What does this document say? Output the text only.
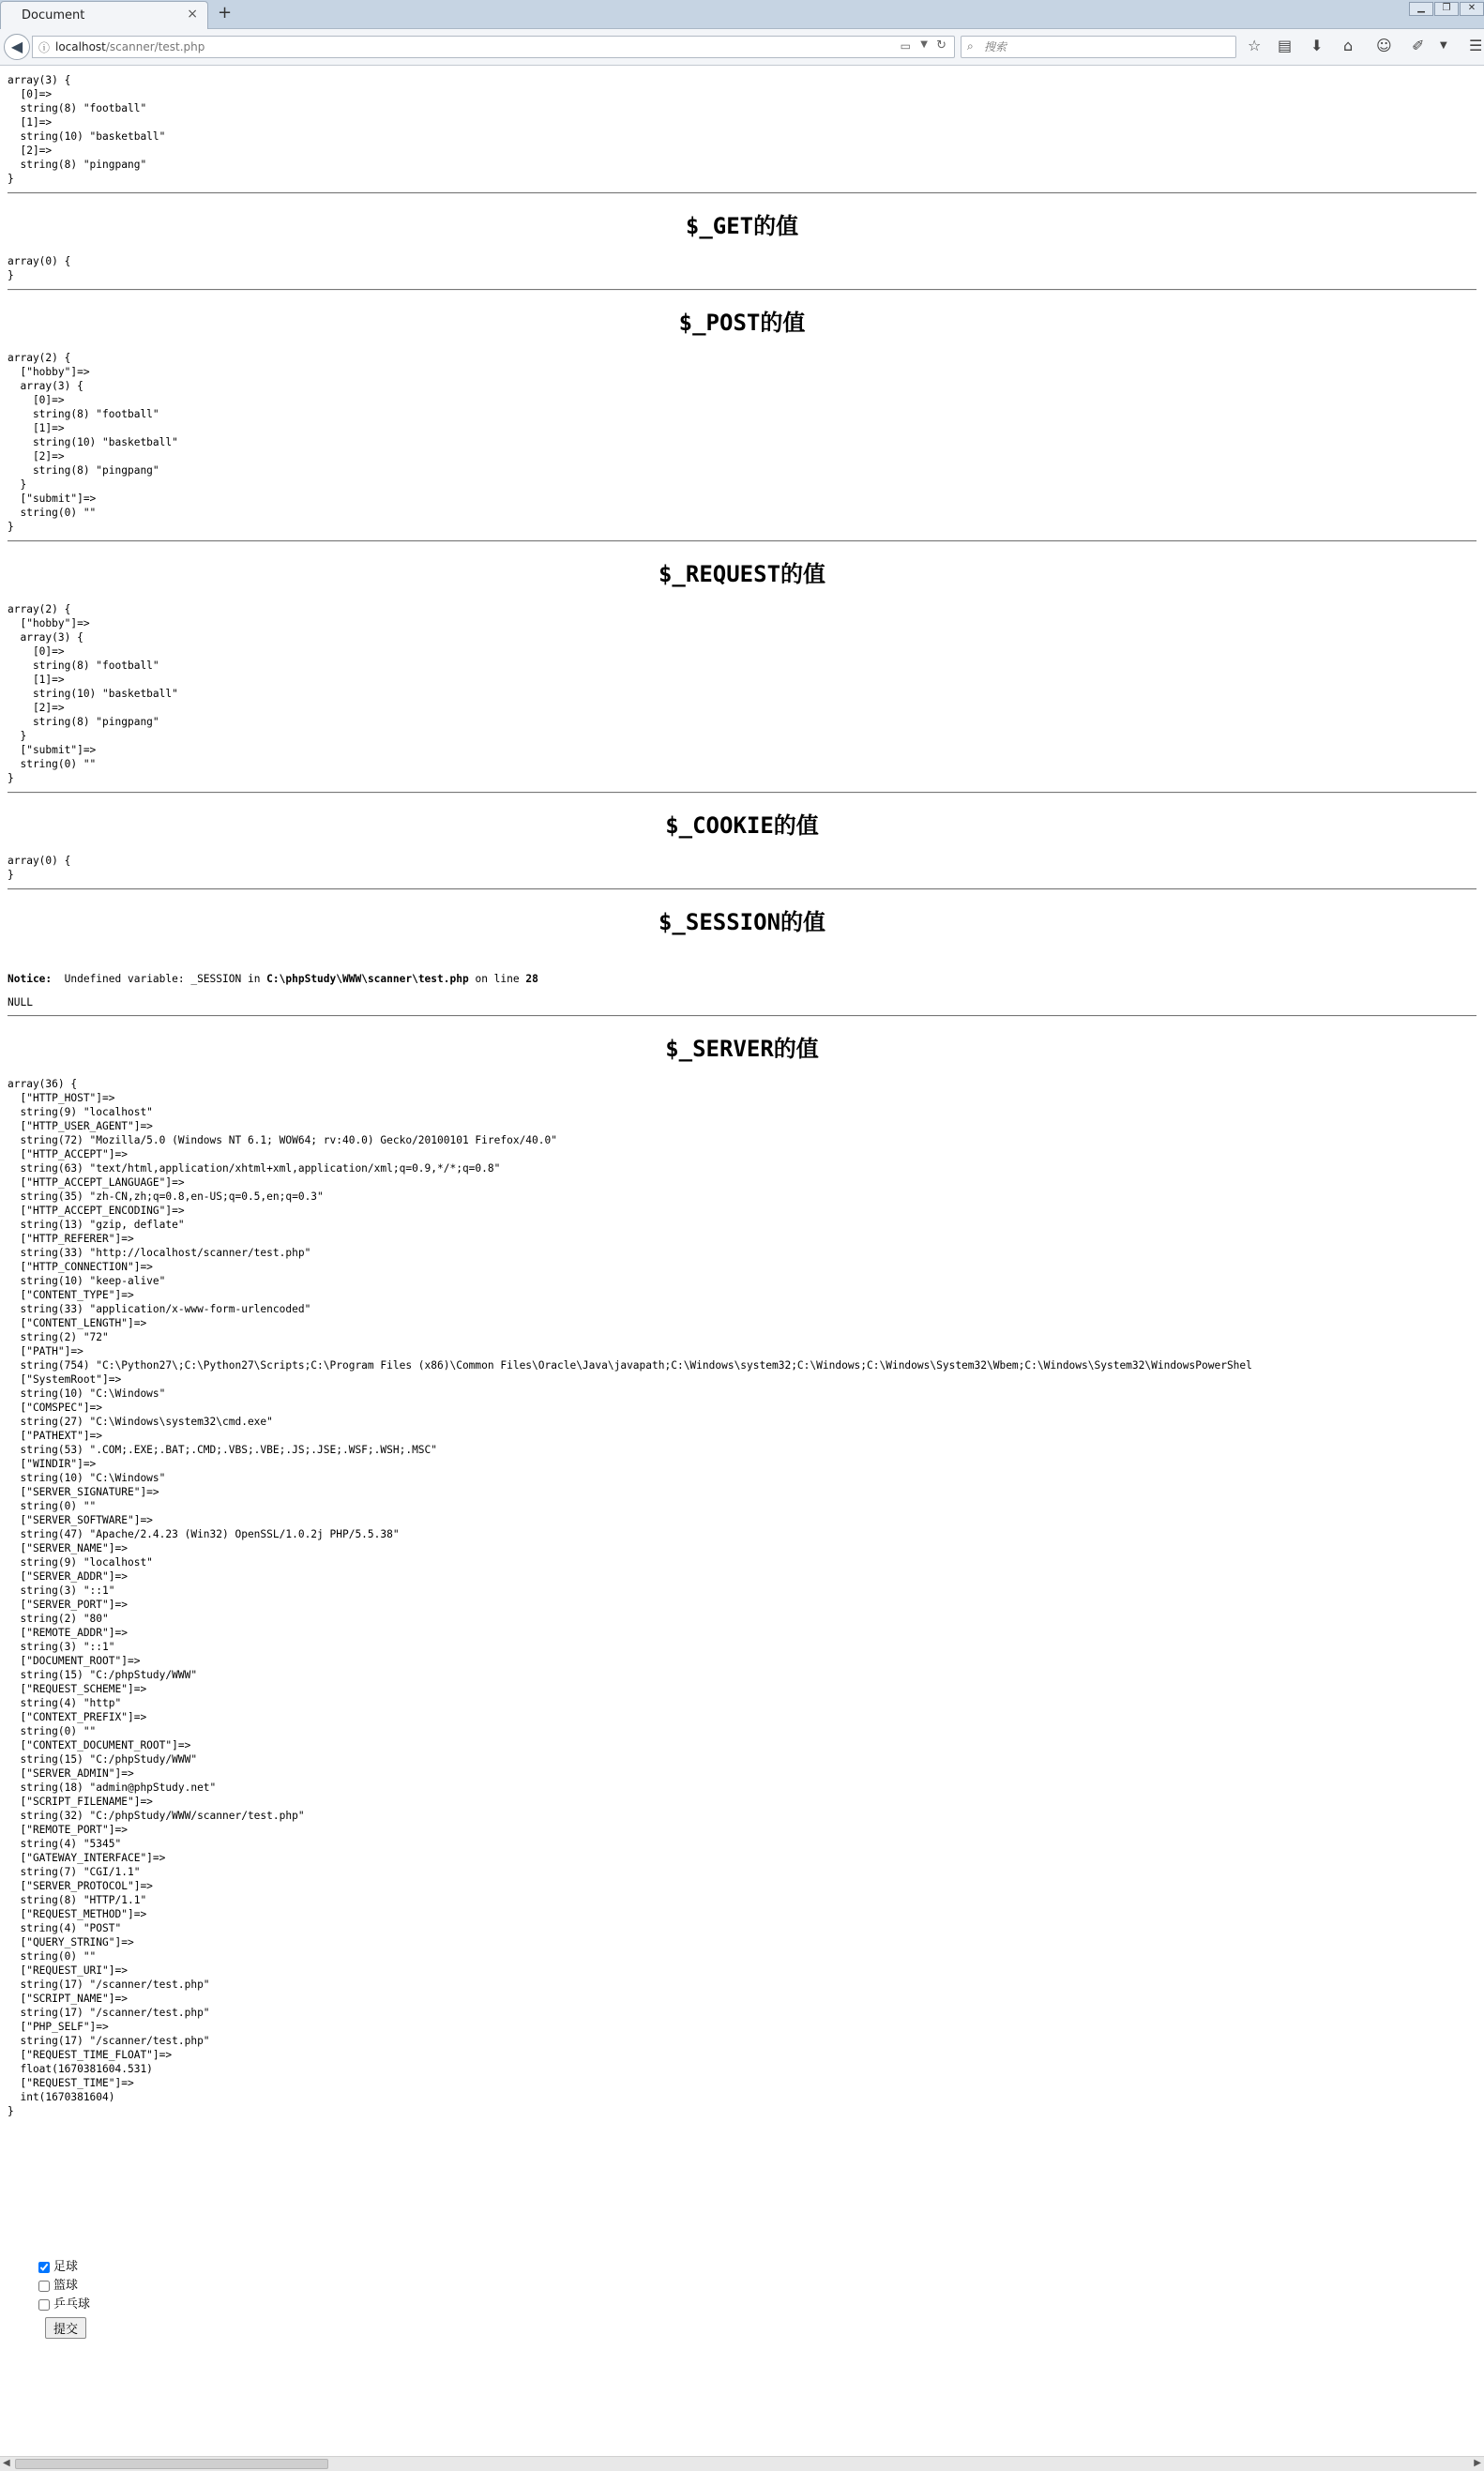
Document	× +	▁	❐	✕
◀	ⓘ localhost/scanner/test.php	▭ ▼ ↻ ⌕
搜索	☆ ▤ ⬇ ⌂ ☺ ✐ ▼ ☰
array(3) {
[0]=>
string(8) "football"
[1]=>
string(10) "basketball"
[2]=>
string(8) "pingpang"
}
$_GET的值
array(0) {
}
$_POST的值
array(2) {
["hobby"]=>
array(3) {
[0]=>
string(8) "football"
[1]=>
string(10) "basketball"
[2]=>
string(8) "pingpang"
}
["submit"]=>
string(0) ""
}
$_REQUEST的值
array(2) {
["hobby"]=>
array(3) {
[0]=>
string(8) "football"
[1]=>
string(10) "basketball"
[2]=>
string(8) "pingpang"
}
["submit"]=>
string(0) ""
}
$_COOKIE的值
array(0) {
}
$_SESSION的值
Notice:  Undefined variable: _SESSION in C:\phpStudy\WWW\scanner\test.php on line 28
NULL
$_SERVER的值
array(36) {
["HTTP_HOST"]=>
string(9) "localhost"
["HTTP_USER_AGENT"]=>
string(72) "Mozilla/5.0 (Windows NT 6.1; WOW64; rv:40.0) Gecko/20100101 Firefox/40.0"
["HTTP_ACCEPT"]=>
string(63) "text/html,application/xhtml+xml,application/xml;q=0.9,*/*;q=0.8"
["HTTP_ACCEPT_LANGUAGE"]=>
string(35) "zh-CN,zh;q=0.8,en-US;q=0.5,en;q=0.3"
["HTTP_ACCEPT_ENCODING"]=>
string(13) "gzip, deflate"
["HTTP_REFERER"]=>
string(33) "http://localhost/scanner/test.php"
["HTTP_CONNECTION"]=>
string(10) "keep-alive"
["CONTENT_TYPE"]=>
string(33) "application/x-www-form-urlencoded"
["CONTENT_LENGTH"]=>
string(2) "72"
["PATH"]=>
string(754) "C:\Python27\;C:\Python27\Scripts;C:\Program Files (x86)\Common Files\Oracle\Java\javapath;C:\Windows\system32;C:\Windows;C:\Windows\System32\Wbem;C:\Windows\System32\WindowsPowerShel
["SystemRoot"]=>
string(10) "C:\Windows"
["COMSPEC"]=>
string(27) "C:\Windows\system32\cmd.exe"
["PATHEXT"]=>
string(53) ".COM;.EXE;.BAT;.CMD;.VBS;.VBE;.JS;.JSE;.WSF;.WSH;.MSC"
["WINDIR"]=>
string(10) "C:\Windows"
["SERVER_SIGNATURE"]=>
string(0) ""
["SERVER_SOFTWARE"]=>
string(47) "Apache/2.4.23 (Win32) OpenSSL/1.0.2j PHP/5.5.38"
["SERVER_NAME"]=>
string(9) "localhost"
["SERVER_ADDR"]=>
string(3) "::1"
["SERVER_PORT"]=>
string(2) "80"
["REMOTE_ADDR"]=>
string(3) "::1"
["DOCUMENT_ROOT"]=>
string(15) "C:/phpStudy/WWW"
["REQUEST_SCHEME"]=>
string(4) "http"
["CONTEXT_PREFIX"]=>
string(0) ""
["CONTEXT_DOCUMENT_ROOT"]=>
string(15) "C:/phpStudy/WWW"
["SERVER_ADMIN"]=>
string(18) "admin@phpStudy.net"
["SCRIPT_FILENAME"]=>
string(32) "C:/phpStudy/WWW/scanner/test.php"
["REMOTE_PORT"]=>
string(4) "5345"
["GATEWAY_INTERFACE"]=>
string(7) "CGI/1.1"
["SERVER_PROTOCOL"]=>
string(8) "HTTP/1.1"
["REQUEST_METHOD"]=>
string(4) "POST"
["QUERY_STRING"]=>
string(0) ""
["REQUEST_URI"]=>
string(17) "/scanner/test.php"
["SCRIPT_NAME"]=>
string(17) "/scanner/test.php"
["PHP_SELF"]=>
string(17) "/scanner/test.php"
["REQUEST_TIME_FLOAT"]=>
float(1670381604.531)
["REQUEST_TIME"]=>
int(1670381604)
}
足球
篮球
乒乓球
提交
◀	▶
